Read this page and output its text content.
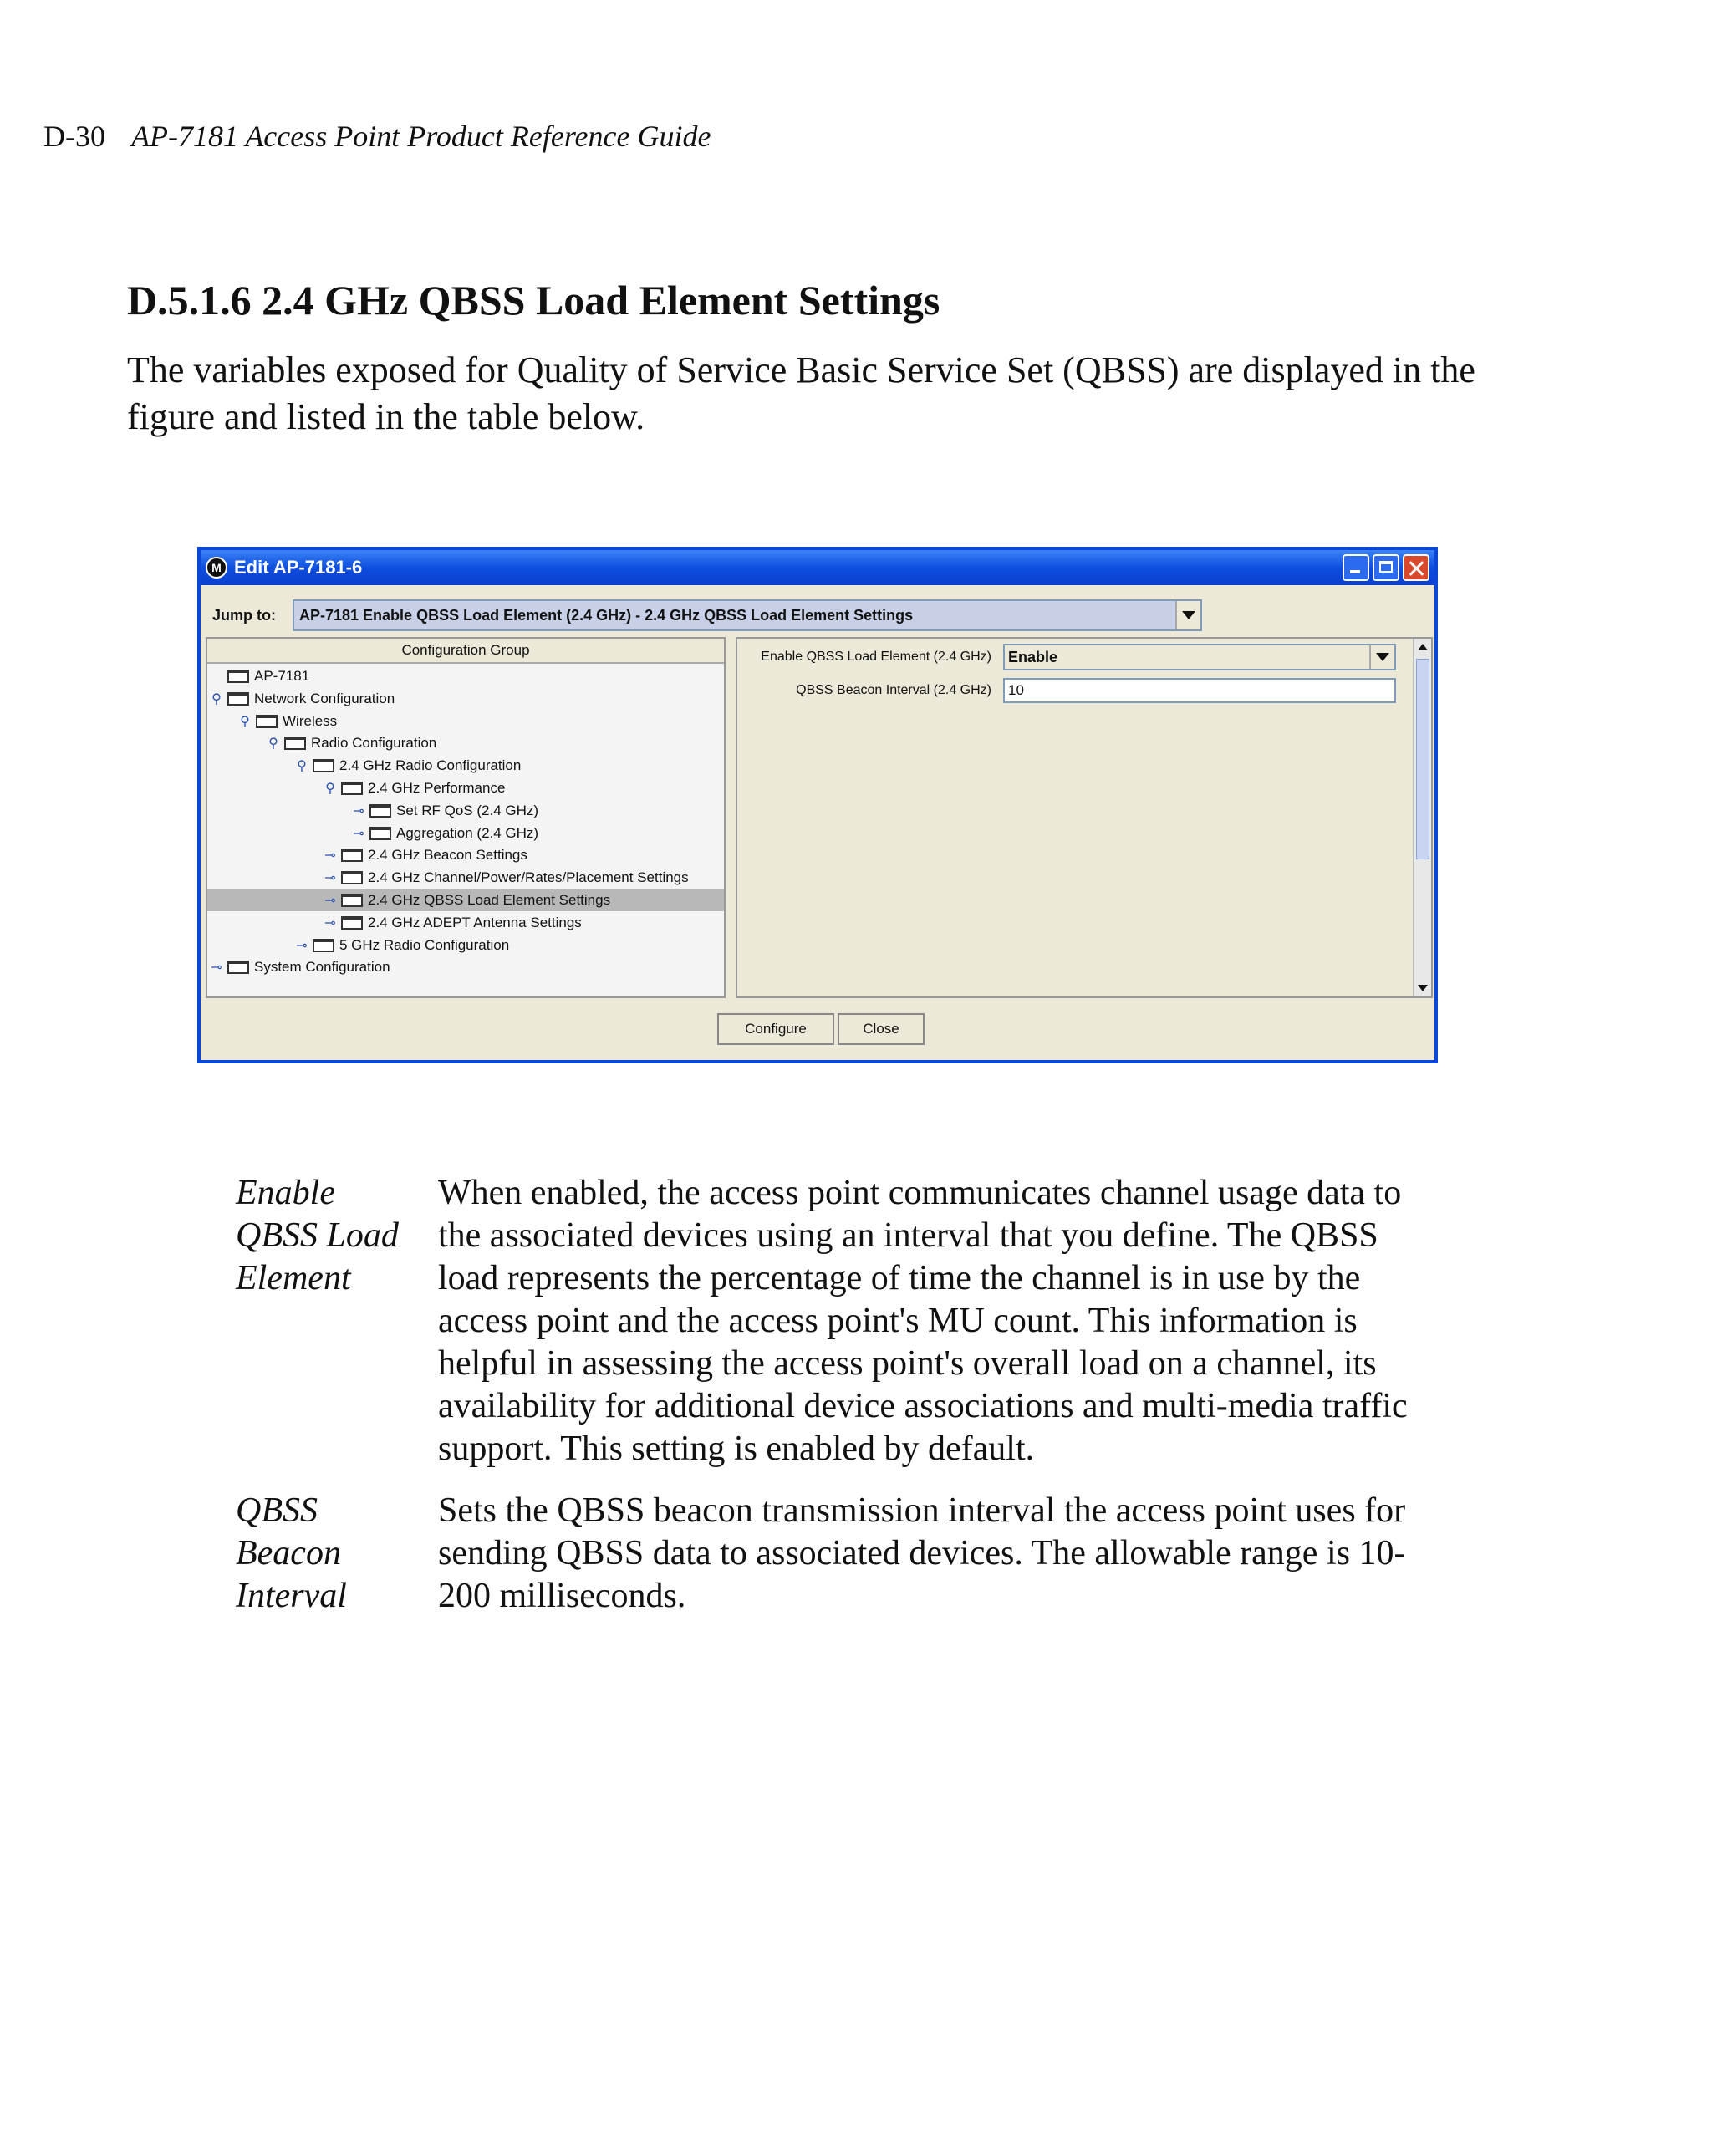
D-30 AP-7181 Access Point Product Reference Guide
D.5.1.6 2.4 GHz QBSS Load Element Settings
The variables exposed for Quality of Service Basic Service Set (QBSS) are displayed in the figure and listed in the table below.
M Edit AP-7181-6
Jump to:	AP-7181 Enable QBSS Load Element (2.4 GHz) - 2.4 GHz QBSS Load Element Settings
Configuration Group
AP-7181
⚲ Network Configuration
⚲ Wireless
⚲ Radio Configuration
⚲ 2.4 GHz Radio Configuration
⚲ 2.4 GHz Performance
⊸ Set RF QoS (2.4 GHz)
⊸ Aggregation (2.4 GHz)
⊸ 2.4 GHz Beacon Settings
⊸ 2.4 GHz Channel/Power/Rates/Placement Settings
⊸ 2.4 GHz QBSS Load Element Settings
⊸ 2.4 GHz ADEPT Antenna Settings
⊸ 5 GHz Radio Configuration
⊸ System Configuration
Enable QBSS Load Element (2.4 GHz)	Enable
QBSS Beacon Interval (2.4 GHz)	10
Configure	Close
Enable QBSS Load Element
When enabled, the access point communicates channel usage data to the associated devices using an interval that you define. The QBSS load represents the percentage of time the channel is in use by the access point and the access point's MU count. This information is helpful in assessing the access point's overall load on a channel, its availability for additional device associations and multi-media traffic support. This setting is enabled by default.
QBSS Beacon Interval
Sets the QBSS beacon transmission interval the access point uses for sending QBSS data to associated devices. The allowable range is 10-200 milliseconds.
